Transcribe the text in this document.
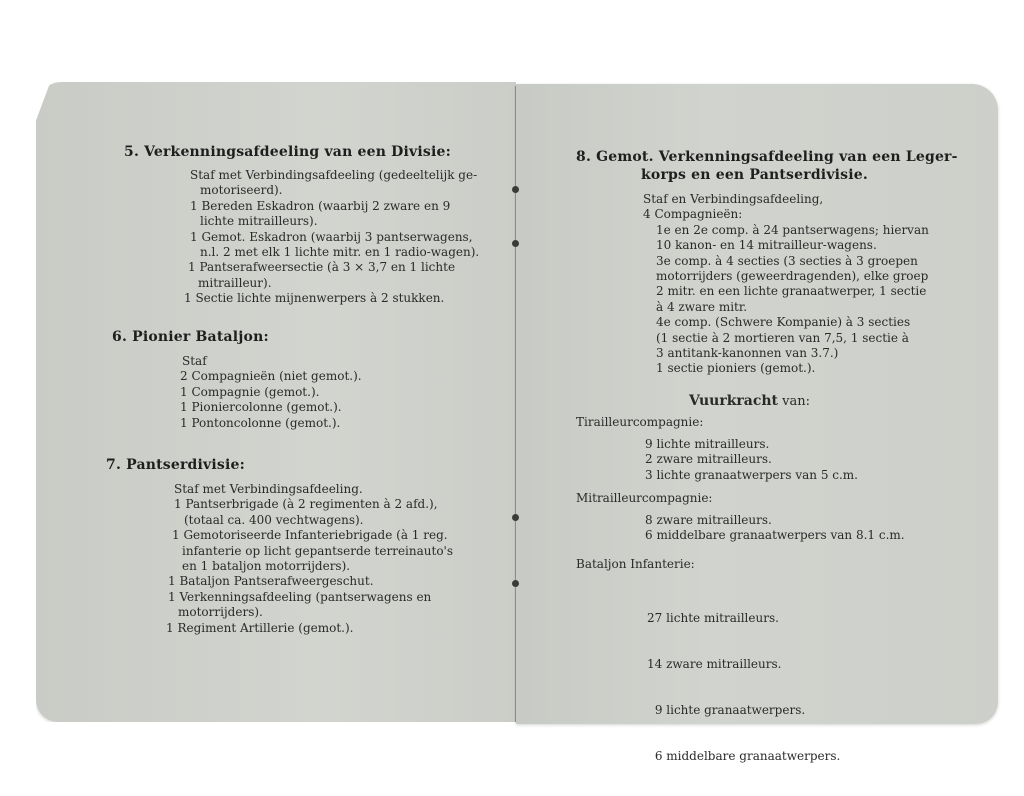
5. Verkenningsafdeeling van een Divisie:
Staf met Verbindingsafdeeling (gedeeltelijk ge-
motoriseerd).
1 Bereden Eskadron (waarbij 2 zware en 9
lichte mitrailleurs).
1 Gemot. Eskadron (waarbij 3 pantserwagens,
n.l. 2 met elk 1 lichte mitr. en 1 radio-wagen).
1 Pantserafweersectie (à 3 × 3,7 en 1 lichte
mitrailleur).
1 Sectie lichte mijnenwerpers à 2 stukken.
6. Pionier Bataljon:
Staf
2 Compagnieën (niet gemot.).
1 Compagnie (gemot.).
1 Pioniercolonne (gemot.).
1 Pontoncolonne (gemot.).
7. Pantserdivisie:
Staf met Verbindingsafdeeling.
1 Pantserbrigade (à 2 regimenten à 2 afd.),
(totaal ca. 400 vechtwagens).
1 Gemotoriseerde Infanteriebrigade (à 1 reg.
infanterie op licht gepantserde terreinauto's
en 1 bataljon motorrijders).
1 Bataljon Pantserafweergeschut.
1 Verkenningsafdeeling (pantserwagens en
motorrijders).
1 Regiment Artillerie (gemot.).
8. Gemot. Verkenningsafdeeling van een Leger-
korps en een Pantserdivisie.
Staf en Verbindingsafdeeling,
4 Compagnieën:
1e en 2e comp. à 24 pantserwagens; hiervan
10 kanon- en 14 mitrailleur-wagens.
3e comp. à 4 secties (3 secties à 3 groepen
motorrijders (geweerdragenden), elke groep
2 mitr. en een lichte granaatwerper, 1 sectie
à 4 zware mitr.
4e comp. (Schwere Kompanie) à 3 secties
(1 sectie à 2 mortieren van 7,5, 1 sectie à
3 antitank-kanonnen van 3.7.)
1 sectie pioniers (gemot.).
Vuurkracht van:
Tirailleurcompagnie:
9 lichte mitrailleurs.
2 zware mitrailleurs.
3 lichte granaatwerpers van 5 c.m.
Mitrailleurcompagnie:
8 zware mitrailleurs.
6 middelbare granaatwerpers van 8.1 c.m.
Bataljon Infanterie:

27 lichte mitrailleurs.

14 zware mitrailleurs.

9 lichte granaatwerpers.

6 middelbare granaatwerpers.
